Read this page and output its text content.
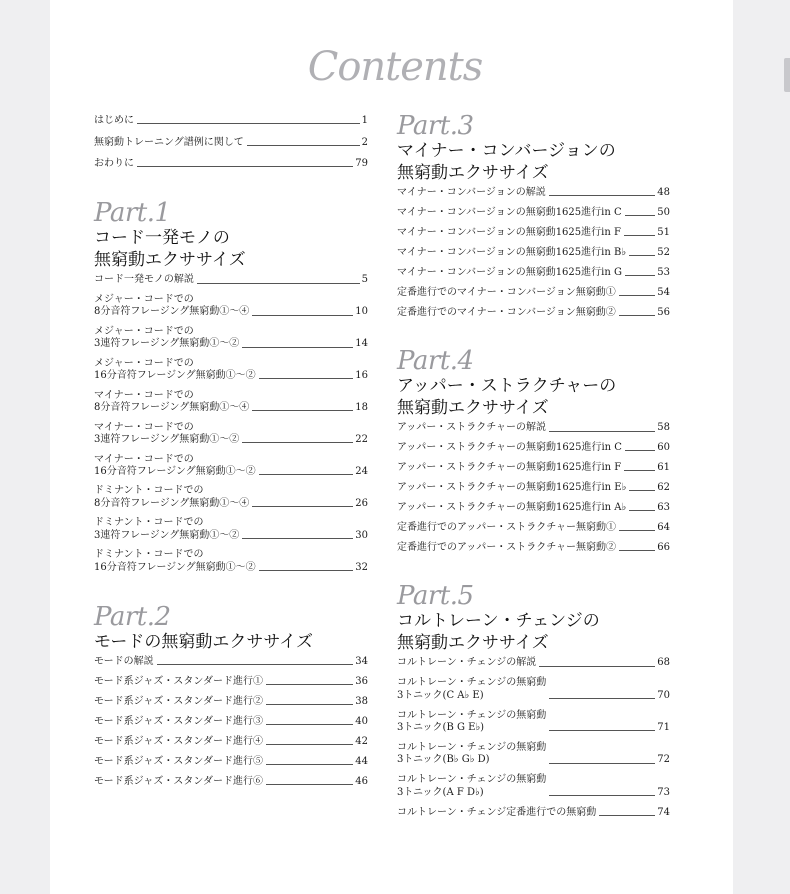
Contents
はじめに	1
無窮動トレーニング譜例に関して	2
おわりに	79
Part.1
コード一発モノの
無窮動エクササイズ
コード一発モノの解説	5
メジャー・コードでの
8分音符フレージング無窮動①〜④	10
メジャー・コードでの
3連符フレージング無窮動①〜②	14
メジャー・コードでの
16分音符フレージング無窮動①〜②	16
マイナー・コードでの
8分音符フレージング無窮動①〜④	18
マイナー・コードでの
3連符フレージング無窮動①〜②	22
マイナー・コードでの
16分音符フレージング無窮動①〜②	24
ドミナント・コードでの
8分音符フレージング無窮動①〜④	26
ドミナント・コードでの
3連符フレージング無窮動①〜②	30
ドミナント・コードでの
16分音符フレージング無窮動①〜②	32
Part.2
モードの無窮動エクササイズ
モードの解説	34
モード系ジャズ・スタンダード進行①	36
モード系ジャズ・スタンダード進行②	38
モード系ジャズ・スタンダード進行③	40
モード系ジャズ・スタンダード進行④	42
モード系ジャズ・スタンダード進行⑤	44
モード系ジャズ・スタンダード進行⑥	46
Part.3
マイナー・コンバージョンの
無窮動エクササイズ
マイナー・コンバージョンの解説	48
マイナー・コンバージョンの無窮動1625進行in C	50
マイナー・コンバージョンの無窮動1625進行in F	51
マイナー・コンバージョンの無窮動1625進行in B♭	52
マイナー・コンバージョンの無窮動1625進行in G	53
定番進行でのマイナー・コンバージョン無窮動①	54
定番進行でのマイナー・コンバージョン無窮動②	56
Part.4
アッパー・ストラクチャーの
無窮動エクササイズ
アッパー・ストラクチャーの解説	58
アッパー・ストラクチャーの無窮動1625進行in C	60
アッパー・ストラクチャーの無窮動1625進行in F	61
アッパー・ストラクチャーの無窮動1625進行in E♭	62
アッパー・ストラクチャーの無窮動1625進行in A♭	63
定番進行でのアッパー・ストラクチャー無窮動①	64
定番進行でのアッパー・ストラクチャー無窮動②	66
Part.5
コルトレーン・チェンジの
無窮動エクササイズ
コルトレーン・チェンジの解説	68
コルトレーン・チェンジの無窮動
3トニック(C A♭ E)	70
コルトレーン・チェンジの無窮動
3トニック(B G E♭)	71
コルトレーン・チェンジの無窮動
3トニック(B♭ G♭ D)	72
コルトレーン・チェンジの無窮動
3トニック(A F D♭)	73
コルトレーン・チェンジ定番進行での無窮動	74
